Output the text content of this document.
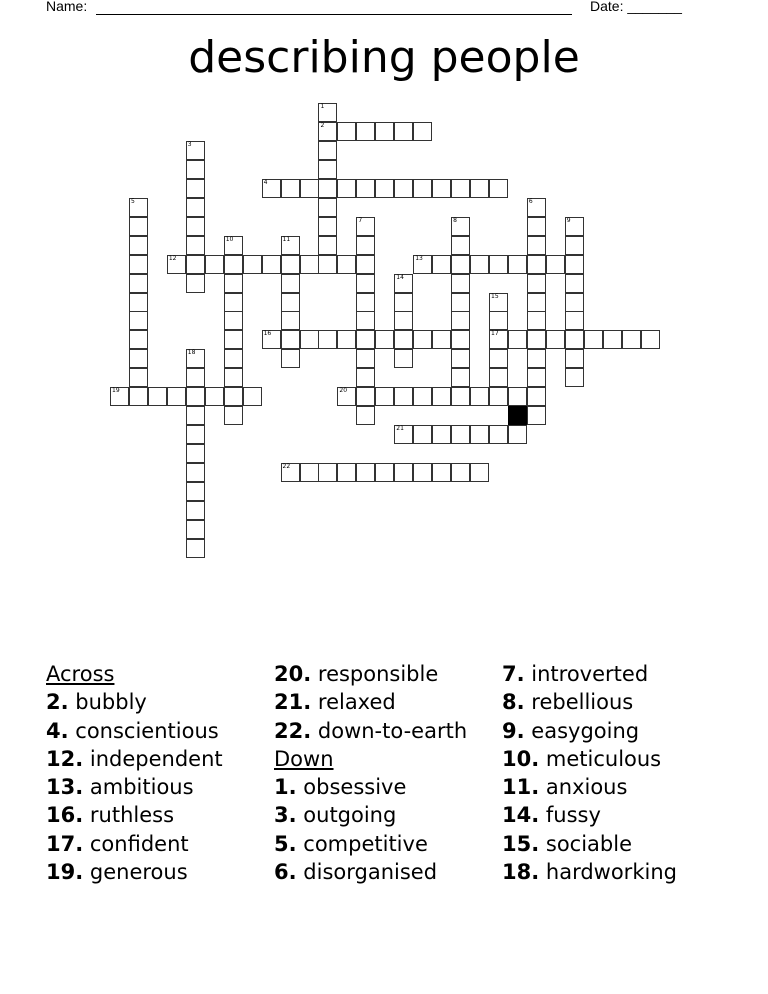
Name:	Date: _______
describing people
1
2
3
4
5	6
7	8	9
10	11
12	13
14
15
17
16
18
19	20
21
22
Across
2. bubbly
4. conscientious
12. independent
13. ambitious
16. ruthless
17. confident
19. generous
20. responsible
21. relaxed
22. down-to-earth
Down
1. obsessive
3. outgoing
5. competitive
6. disorganised
7. introverted
8. rebellious
9. easygoing
10. meticulous
11. anxious
14. fussy
15. sociable
18. hardworking
